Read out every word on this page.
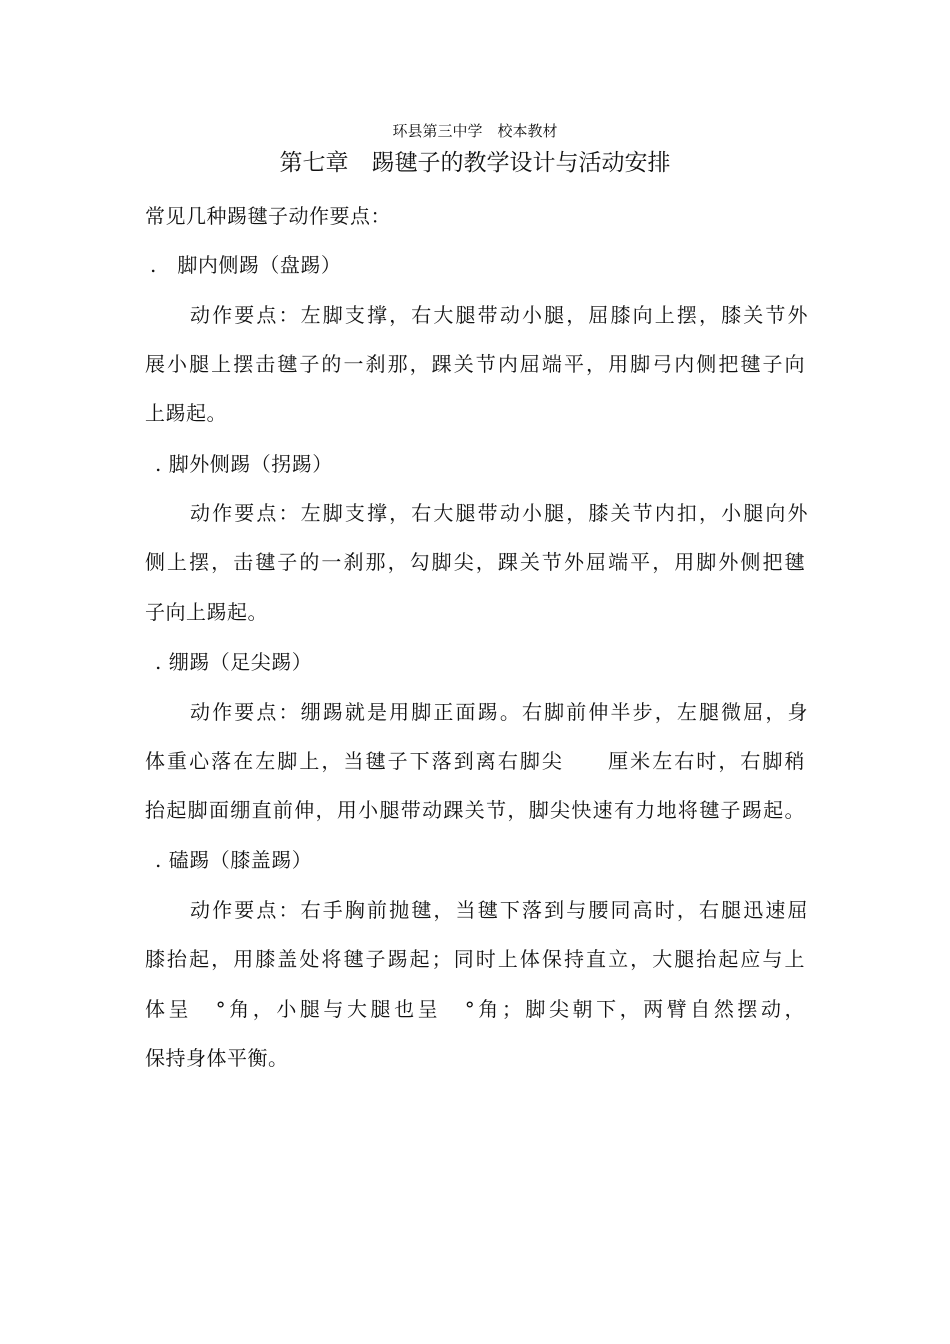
环县第三中学　校本教材

第七章　踢毽子的教学设计与活动安排

常见几种踢毽子动作要点：

.　脚内侧踢（盘踢）

动作要点：左脚支撑，右大腿带动小腿，屈膝向上摆，膝关节外

展小腿上摆击毽子的一刹那，踝关节内屈端平，用脚弓内侧把毽子向

上踢起。

. 脚外侧踢（拐踢）

动作要点：左脚支撑，右大腿带动小腿，膝关节内扣，小腿向外

侧上摆，击毽子的一刹那，勾脚尖，踝关节外屈端平，用脚外侧把毽

子向上踢起。

. 绷踢（足尖踢）

动作要点：绷踢就是用脚正面踢。右脚前伸半步，左腿微屈，身

体重心落在左脚上，当毽子下落到离右脚尖　　厘米左右时，右脚稍

抬起脚面绷直前伸，用小腿带动踝关节，脚尖快速有力地将毽子踢起。

. 磕踢（膝盖踢）

动作要点：右手胸前抛毽，当毽下落到与腰同高时，右腿迅速屈

膝抬起，用膝盖处将毽子踢起；同时上体保持直立，大腿抬起应与上

体呈　°角，小腿与大腿也呈　°角；脚尖朝下，两臂自然摆动，

保持身体平衡。
